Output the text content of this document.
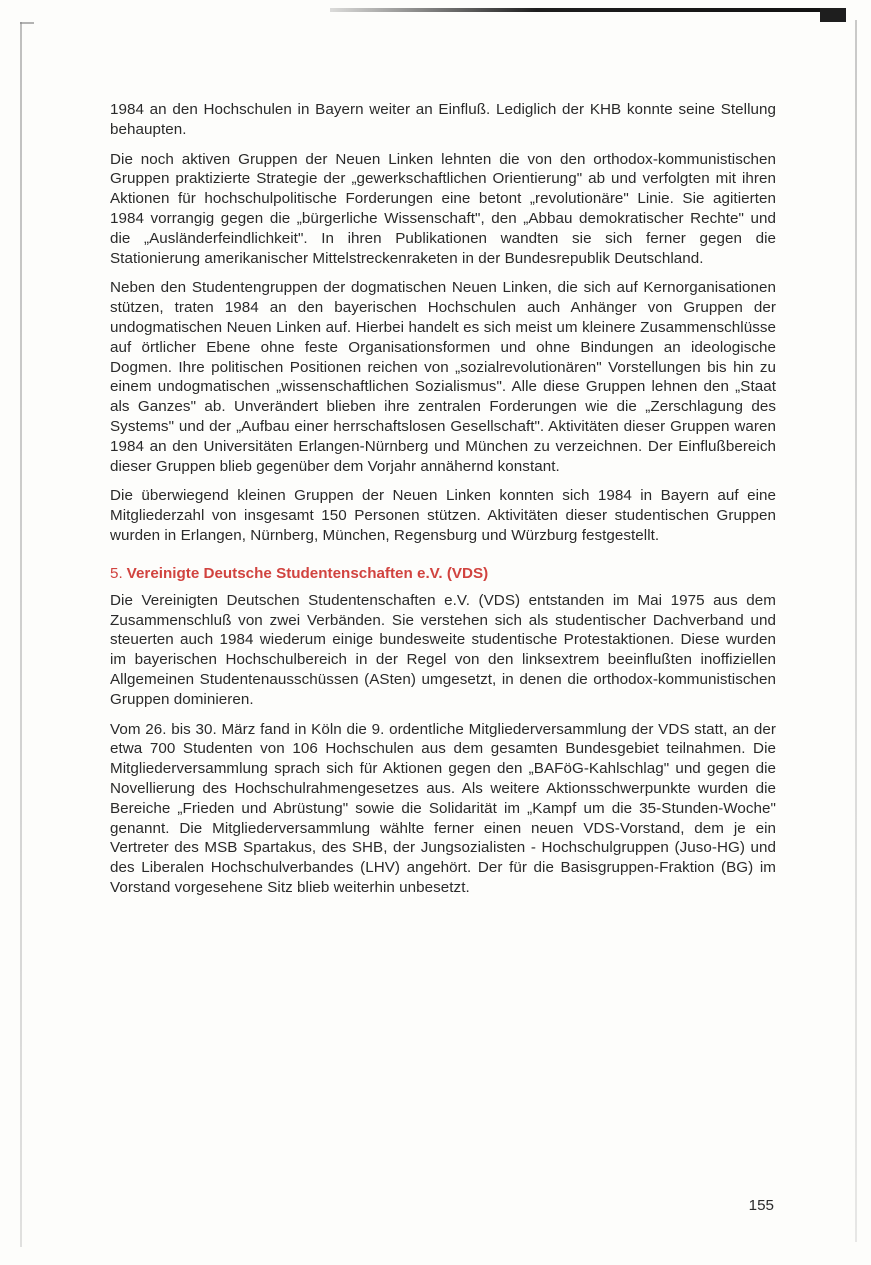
1984 an den Hochschulen in Bayern weiter an Einfluß. Lediglich der KHB konnte seine Stellung behaupten.

Die noch aktiven Gruppen der Neuen Linken lehnten die von den orthodox-kommunistischen Gruppen praktizierte Strategie der „gewerkschaftlichen Orientierung" ab und verfolgten mit ihren Aktionen für hochschulpolitische Forderungen eine betont „revolutionäre" Linie. Sie agitierten 1984 vorrangig gegen die „bürgerliche Wissenschaft", den „Abbau demokratischer Rechte" und die „Ausländerfeindlichkeit". In ihren Publikationen wandten sie sich ferner gegen die Stationierung amerikanischer Mittelstreckenraketen in der Bundesrepublik Deutschland.

Neben den Studentengruppen der dogmatischen Neuen Linken, die sich auf Kernorganisationen stützen, traten 1984 an den bayerischen Hochschulen auch Anhänger von Gruppen der undogmatischen Neuen Linken auf. Hierbei handelt es sich meist um kleinere Zusammenschlüsse auf örtlicher Ebene ohne feste Organisationsformen und ohne Bindungen an ideologische Dogmen. Ihre politischen Positionen reichen von „sozialrevolutionären" Vorstellungen bis hin zu einem undogmatischen „wissenschaftlichen Sozialismus". Alle diese Gruppen lehnen den „Staat als Ganzes" ab. Unverändert blieben ihre zentralen Forderungen wie die „Zerschlagung des Systems" und der „Aufbau einer herrschaftslosen Gesellschaft". Aktivitäten dieser Gruppen waren 1984 an den Universitäten Erlangen-Nürnberg und München zu verzeichnen. Der Einflußbereich dieser Gruppen blieb gegenüber dem Vorjahr annähernd konstant.

Die überwiegend kleinen Gruppen der Neuen Linken konnten sich 1984 in Bayern auf eine Mitgliederzahl von insgesamt 150 Personen stützen. Aktivitäten dieser studentischen Gruppen wurden in Erlangen, Nürnberg, München, Regensburg und Würzburg festgestellt.

5. Vereinigte Deutsche Studentenschaften e.V. (VDS)

Die Vereinigten Deutschen Studentenschaften e.V. (VDS) entstanden im Mai 1975 aus dem Zusammenschluß von zwei Verbänden. Sie verstehen sich als studentischer Dachverband und steuerten auch 1984 wiederum einige bundesweite studentische Protestaktionen. Diese wurden im bayerischen Hochschulbereich in der Regel von den linksextrem beeinflußten inoffiziellen Allgemeinen Studentenausschüssen (ASten) umgesetzt, in denen die orthodox-kommunistischen Gruppen dominieren.

Vom 26. bis 30. März fand in Köln die 9. ordentliche Mitgliederversammlung der VDS statt, an der etwa 700 Studenten von 106 Hochschulen aus dem gesamten Bundesgebiet teilnahmen. Die Mitgliederversammlung sprach sich für Aktionen gegen den „BAFöG-Kahlschlag" und gegen die Novellierung des Hochschulrahmengesetzes aus. Als weitere Aktionsschwerpunkte wurden die Bereiche „Frieden und Abrüstung" sowie die Solidarität im „Kampf um die 35-Stunden-Woche" genannt. Die Mitgliederversammlung wählte ferner einen neuen VDS-Vorstand, dem je ein Vertreter des MSB Spartakus, des SHB, der Jungsozialisten - Hochschulgruppen (Juso-HG) und des Liberalen Hochschulverbandes (LHV) angehört. Der für die Basisgruppen-Fraktion (BG) im Vorstand vorgesehene Sitz blieb weiterhin unbesetzt.

155
